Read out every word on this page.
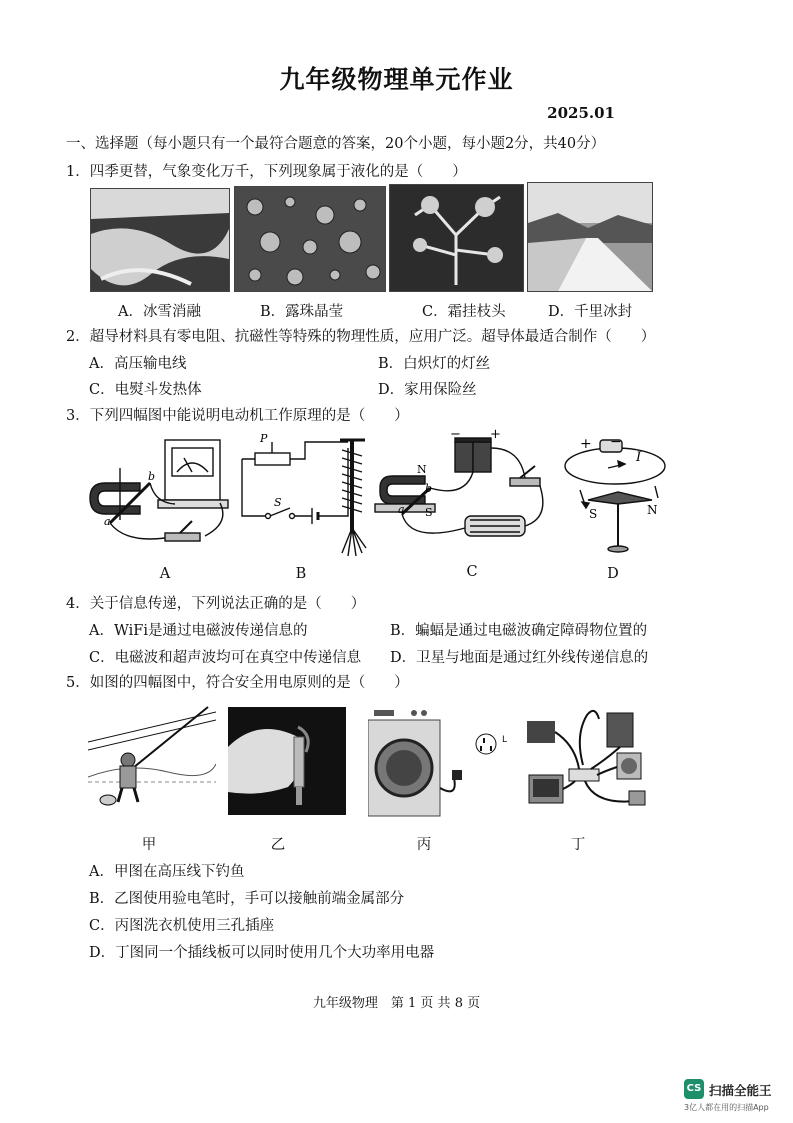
九年级物理单元作业
2025.01
一、选择题（每小题只有一个最符合题意的答案，20个小题，每小题2分，共40分）
1．四季更替，气象变化万千，下列现象属于液化的是（　　）
A．冰雪消融	B．露珠晶莹	C．霜挂枝头	D．千里冰封
2．超导材料具有零电阻、抗磁性等特殊的物理性质，应用广泛。超导体最适合制作（　　）
A．高压输电线	B．白炽灯的灯丝
C．电熨斗发热体	D．家用保险丝
3．下列四幅图中能说明电动机工作原理的是（　　）
a
b
P
S
N
S
− +
a
b
+ −
I
S	N
A	B	C	D
4．关于信息传递，下列说法正确的是（　　）
A．WiFi是通过电磁波传递信息的	B．蝙蝠是通过电磁波确定障碍物位置的
C．电磁波和超声波均可在真空中传递信息 D．卫星与地面是通过红外线传递信息的
5．如图的四幅图中，符合安全用电原则的是（　　）
L
甲	乙	丙	丁
A．甲图在高压线下钓鱼
B．乙图使用验电笔时，手可以接触前端金属部分
C．丙图洗衣机使用三孔插座
D．丁图同一个插线板可以同时使用几个大功率用电器
九年级物理　第 1 页 共 8 页
CS 扫描全能王
3亿人都在用的扫描App
